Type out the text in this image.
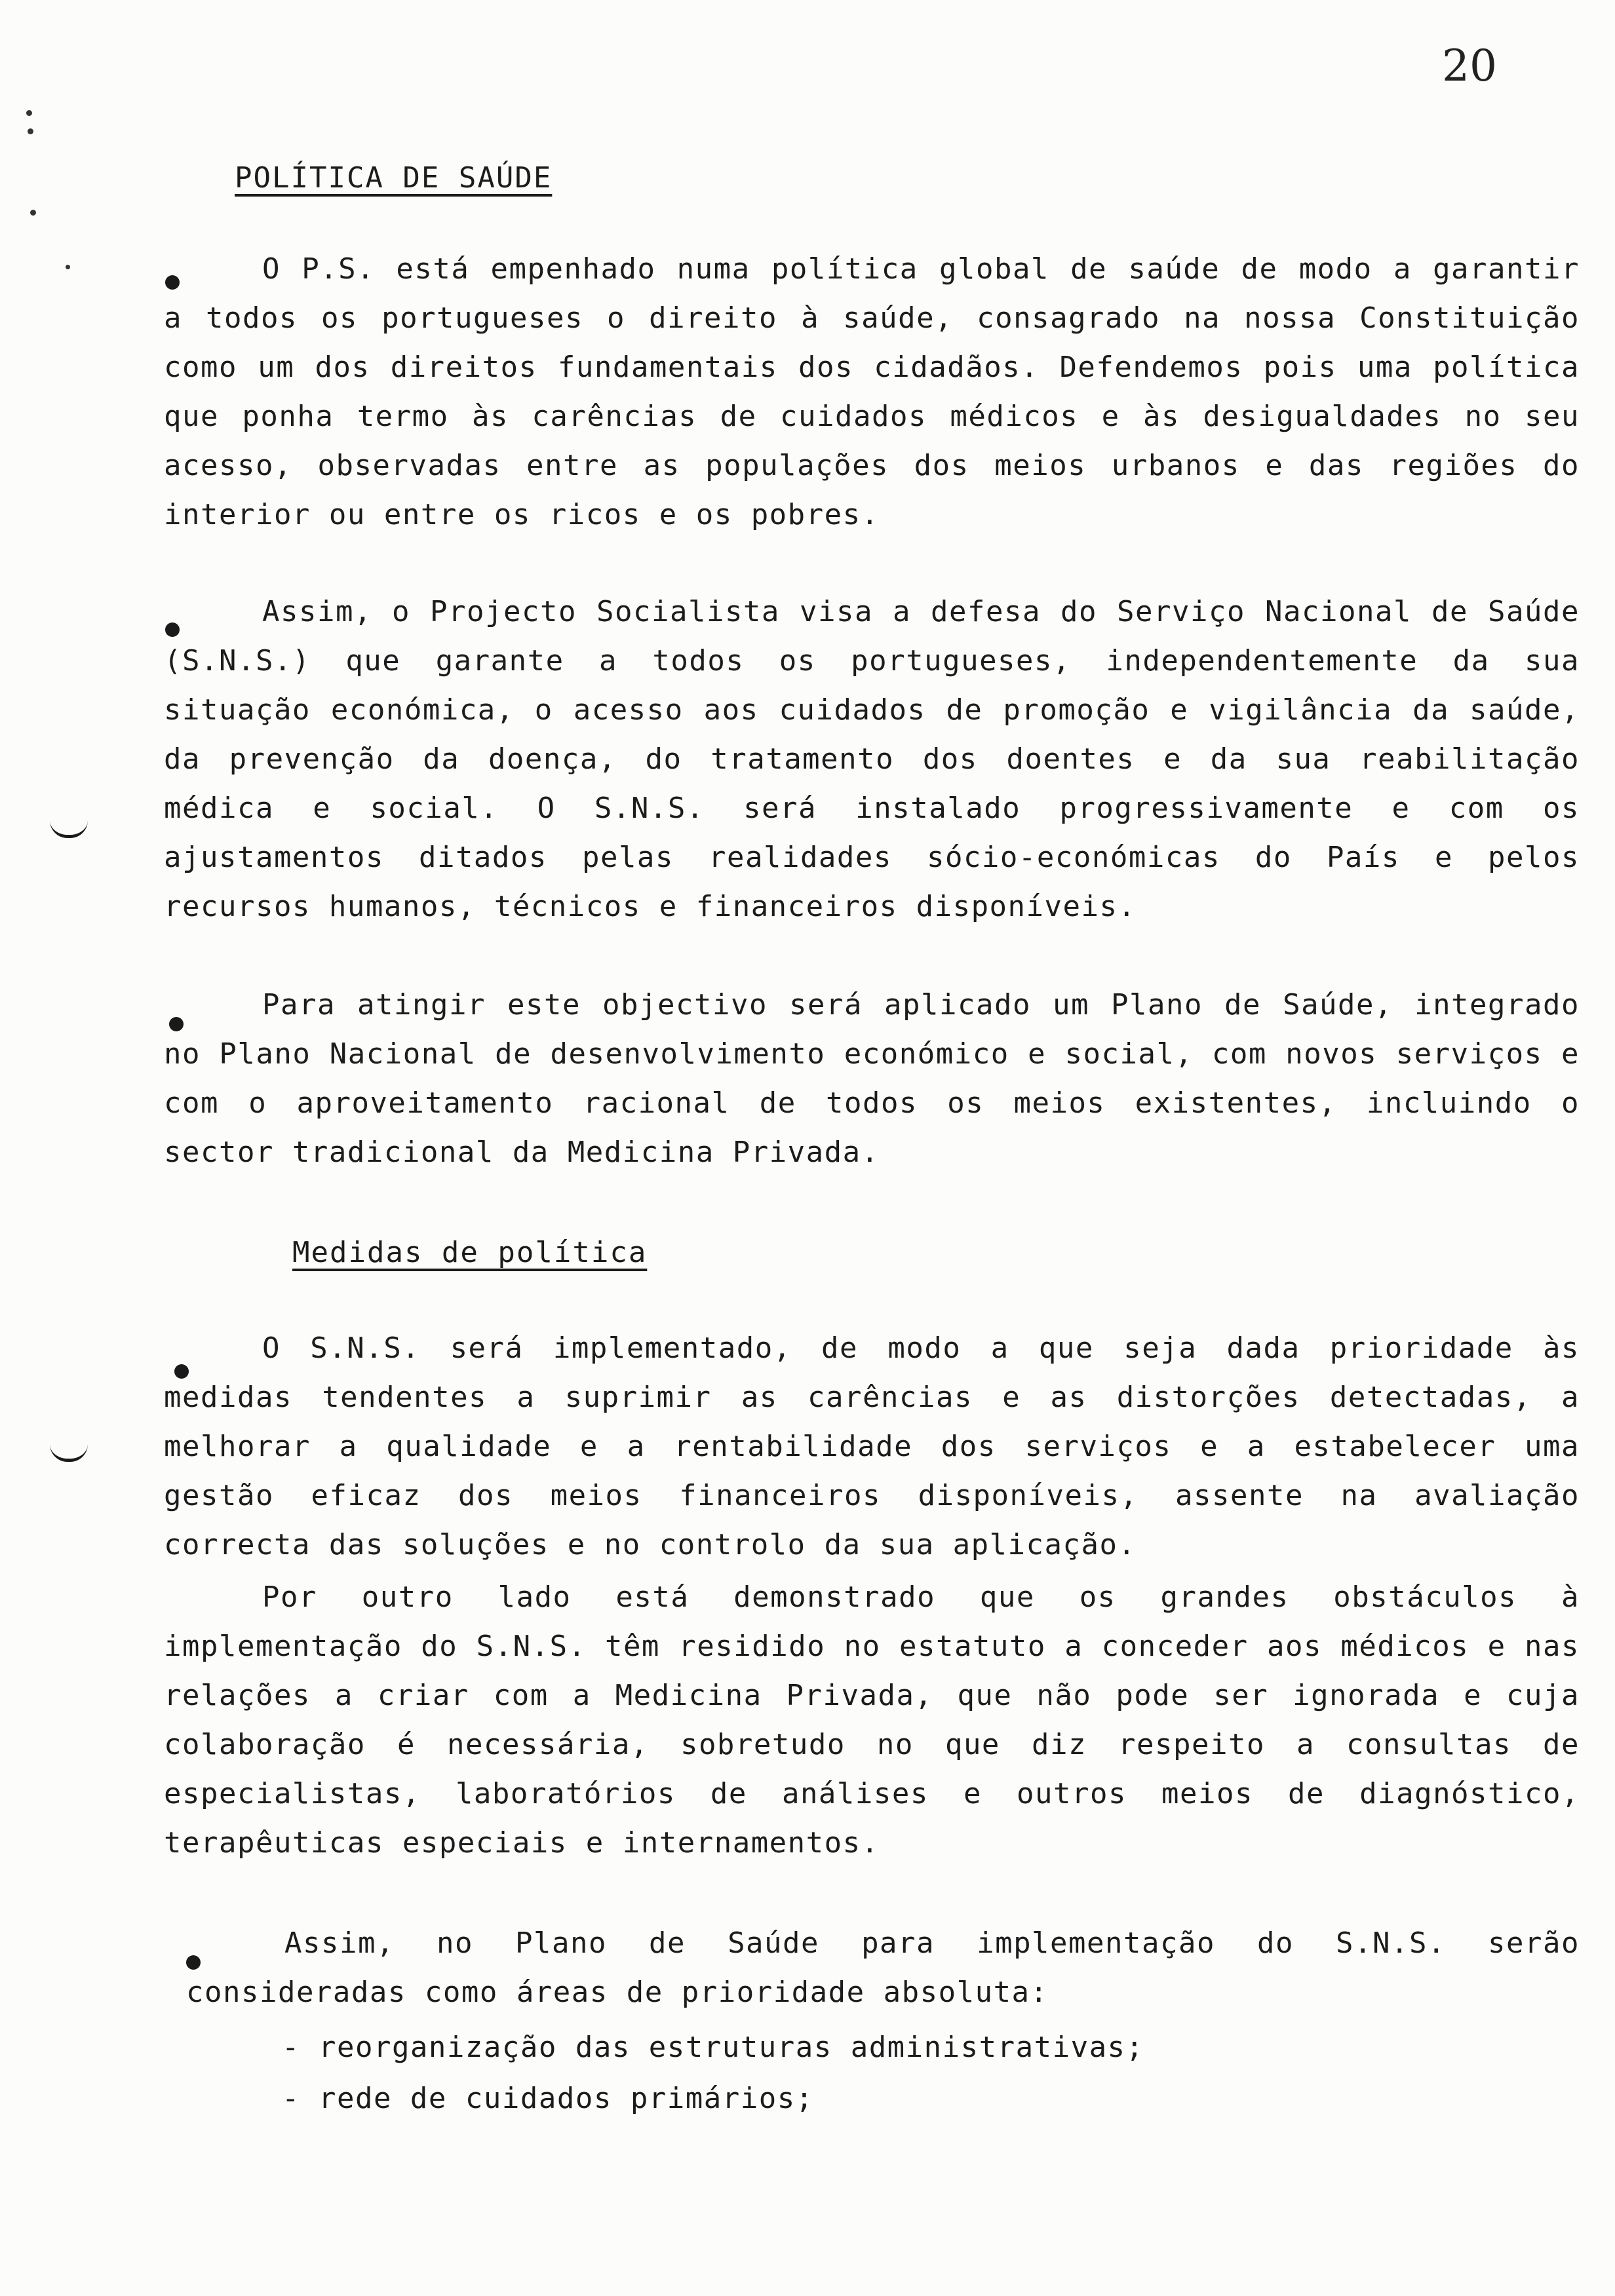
20
POLÍTICA DE SAÚDE
O P.S. está empenhado numa política global de saúde de modo a garantir a todos os portugueses o direito à saúde, consagrado na nossa Constituição como um dos direitos fundamentais dos cidadãos. Defendemos pois uma política que ponha termo às carências de cuidados médicos e às desigualdades no seu acesso, observadas entre as populações dos meios urbanos e das regiões do interior ou entre os ricos e os pobres.
Assim, o Projecto Socialista visa a defesa do Serviço Nacional de Saúde (S.N.S.) que garante a todos os portugueses, independentemente da sua situação económica, o acesso aos cuidados de promoção e vigilância da saúde, da prevenção da doença, do tratamento dos doentes e da sua reabilitação médica e social. O S.N.S. será instalado progressivamente e com os ajustamentos ditados pelas realidades sócio-económicas do País e pelos recursos humanos, técnicos e financeiros disponíveis.
Para atingir este objectivo será aplicado um Plano de Saúde, integrado no Plano Nacional de desenvolvimento económico e social, com novos serviços e com o aproveitamento racional de todos os meios existentes, incluindo o sector tradicional da Medicina Privada.
Medidas de política
O S.N.S. será implementado, de modo a que seja dada prioridade às medidas tendentes a suprimir as carências e as distorções detectadas, a melhorar a qualidade e a rentabilidade dos serviços e a estabelecer uma gestão eficaz dos meios financeiros disponíveis, assente na avaliação correcta das soluções e no controlo da sua aplicação.
Por outro lado está demonstrado que os grandes obstáculos à implementação do S.N.S. têm residido no estatuto a conceder aos médicos e nas relações a criar com a Medicina Privada, que não pode ser ignorada e cuja colaboração é necessária, sobretudo no que diz respeito a consultas de especialistas, laboratórios de análises e outros meios de diagnóstico, terapêuticas especiais e internamentos.
Assim, no Plano de Saúde para implementação do S.N.S. serão consideradas como áreas de prioridade absoluta:
- reorganização das estruturas administrativas;
- rede de cuidados primários;
